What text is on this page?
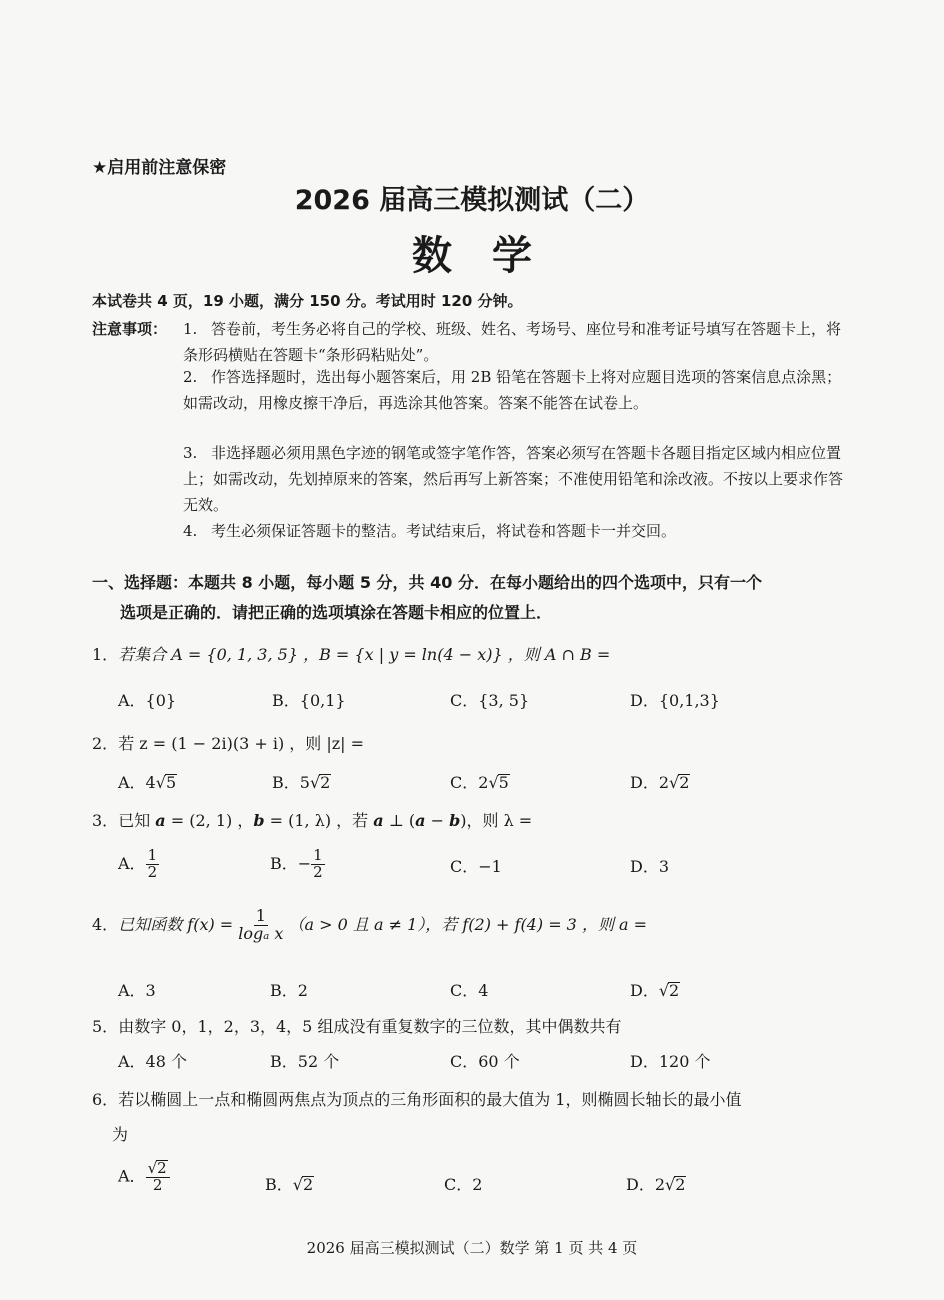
★启用前注意保密
2026 届高三模拟测试（二）
数学
本试卷共 4 页，19 小题，满分 150 分。考试用时 120 分钟。
注意事项： 1. 答卷前，考生务必将自己的学校、班级、姓名、考场号、座位号和准考证号填写在答题卡上，将条形码横贴在答题卡“条形码粘贴处”。
2. 作答选择题时，选出每小题答案后，用 2B 铅笔在答题卡上将对应题目选项的答案信息点涂黑；如需改动，用橡皮擦干净后，再选涂其他答案。答案不能答在试卷上。
3. 非选择题必须用黑色字迹的钢笔或签字笔作答，答案必须写在答题卡各题目指定区域内相应位置上；如需改动，先划掉原来的答案，然后再写上新答案；不准使用铅笔和涂改液。不按以上要求作答无效。
4. 考生必须保证答题卡的整洁。考试结束后，将试卷和答题卡一并交回。
一、选择题：本题共 8 小题，每小题 5 分，共 40 分．在每小题给出的四个选项中，只有一个
选项是正确的．请把正确的选项填涂在答题卡相应的位置上．
1．若集合 A = {0, 1, 3, 5} ，B = {x | y = ln(4 − x)} ，则 A ∩ B =
A．{0}	B．{0,1}	C．{3, 5}	D．{0,1,3}
2．若 z = (1 − 2i)(3 + i) ，则 |z| =
A．4√5	B．5√2	C．2√5	D．2√2
3．已知 a = (2, 1) ，b = (1, λ) ，若 a ⊥ (a − b)，则 λ =
A． $\frac{1}{2}$	B．− $\frac{1}{2}$	C．−1	D．3
4．已知函数 $f(x) = \frac{1}{\text{logₐ x}} (a > 0$ 且 a ≠ 1），若 f(2) + f(4) = 3 ，则 a =
A．3	B．2	C．4	D．√2
5．由数字 0，1，2，3，4，5 组成没有重复数字的三位数，其中偶数共有
A．48 个	B．52 个	C．60 个	D．120 个
6．若以椭圆上一点和椭圆两焦点为顶点的三角形面积的最大值为 1，则椭圆长轴长的最小值
为
A． $\frac{√2}{2}$	B．√2	C．2	D．2√2
2026 届高三模拟测试（二）数学 第 1 页 共 4 页
